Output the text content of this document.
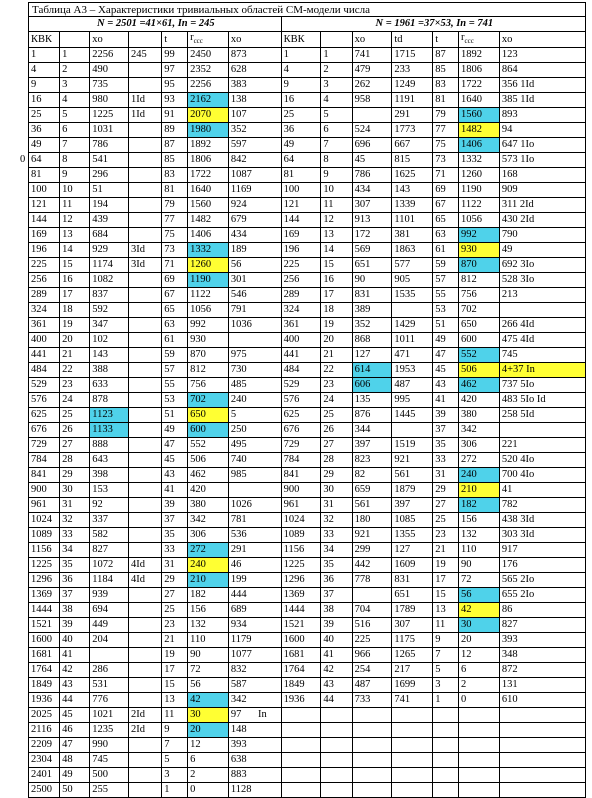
Таблица А3 – Характеристики тривиальных областей СМ-модели числа
N = 2501 =41×61, In = 245							N = 1961 =37×53, In = 741						
КВК		xo		t	$r_{ccc}$	xo	КВК		xo	td	t	$r_{ccc}$	xo
1	1	2256	245	99	2450	873	1	1	741	1715	87	1892	123
4	2	490		97	2352	628	4	2	479	233	85	1806	864
9	3	735		95	2256	383	9	3	262	1249	83	1722	356 1Id
16	4	980	1Id	93	2162	138	16	4	958	1191	81	1640	385 1Id
25	5	1225	1Id	91	2070	107	25	5		291	79	1560	893
36	6	1031		89	1980	352	36	6	524	1773	77	1482	94
49	7	786		87	1892	597	49	7	696	667	75	1406	647 1Io
64	8	541		85	1806	842	64	8	45	815	73	1332	573 1Io
81	9	296		83	1722	1087	81	9	786	1625	71	1260	168
100	10	51		81	1640	1169	100	10	434	143	69	1190	909
121	11	194		79	1560	924	121	11	307	1339	67	1122	311 2Id
144	12	439		77	1482	679	144	12	913	1101	65	1056	430 2Id
169	13	684		75	1406	434	169	13	172	381	63	992	790
196	14	929	3Id	73	1332	189	196	14	569	1863	61	930	49
225	15	1174	3Id	71	1260	56	225	15	651	577	59	870	692 3Io
256	16	1082		69	1190	301	256	16	90	905	57	812	528 3Io
289	17	837		67	1122	546	289	17	831	1535	55	756	213
324	18	592		65	1056	791	324	18	389		53	702	
361	19	347		63	992	1036	361	19	352	1429	51	650	266 4Id
400	20	102		61	930		400	20	868	1011	49	600	475 4Id
441	21	143		59	870	975	441	21	127	471	47	552	745
484	22	388		57	812	730	484	22	614	1953	45	506	4+37 In
529	23	633		55	756	485	529	23	606	487	43	462	737 5Io
576	24	878		53	702	240	576	24	135	995	41	420	483 5Io Id
625	25	1123		51	650	5	625	25	876	1445	39	380	258 5Id
676	26	1133		49	600	250	676	26	344		37	342	
729	27	888		47	552	495	729	27	397	1519	35	306	221
784	28	643		45	506	740	784	28	823	921	33	272	520 4Io
841	29	398		43	462	985	841	29	82	561	31	240	700 4Io
900	30	153		41	420		900	30	659	1879	29	210	41
961	31	92		39	380	1026	961	31	561	397	27	182	782
1024	32	337		37	342	781	1024	32	180	1085	25	156	438 3Id
1089	33	582		35	306	536	1089	33	921	1355	23	132	303 3Id
1156	34	827		33	272	291	1156	34	299	127	21	110	917
1225	35	1072	4Id	31	240	46	1225	35	442	1609	19	90	176
1296	36	1184	4Id	29	210	199	1296	36	778	831	17	72	565 2Io
1369	37	939		27	182	444	1369	37		651	15	56	655 2Io
1444	38	694		25	156	689	1444	38	704	1789	13	42	86
1521	39	449		23	132	934	1521	39	516	307	11	30	827
1600	40	204		21	110	1179	1600	40	225	1175	9	20	393
1681	41			19	90	1077	1681	41	966	1265	7	12	348
1764	42	286		17	72	832	1764	42	254	217	5	6	872
1849	43	531		15	56	587	1849	43	487	1699	3	2	131
1936	44	776		13	42	342	1936	44	733	741	1	0	610
2025	45	1021	2Id	11	30	97							
2116	46	1235	2Id	9	20	148							
2209	47	990		7	12	393							
2304	48	745		5	6	638							
2401	49	500		3	2	883							
2500	50	255		1	0	1128							
0
In
